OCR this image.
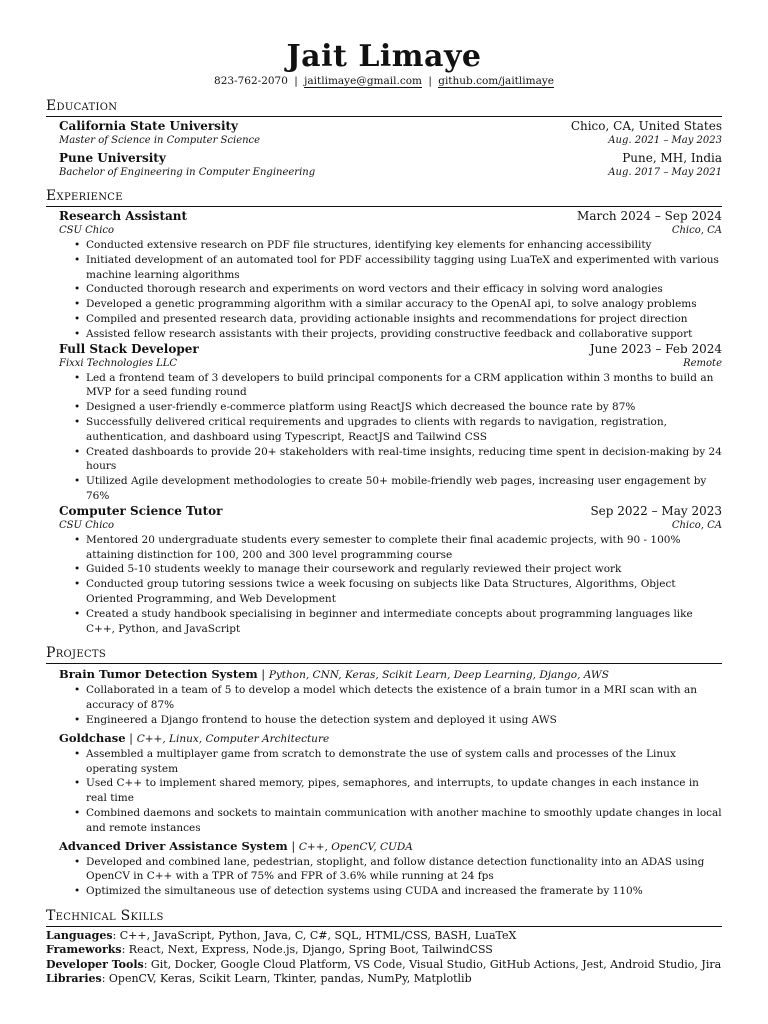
Jait Limaye
823-762-2070 | jaitlimaye@gmail.com | github.com/jaitlimaye
Education
California State University	Chico, CA, United States
Master of Science in Computer Science	Aug. 2021 – May 2023
Pune University	Pune, MH, India
Bachelor of Engineering in Computer Engineering	Aug. 2017 – May 2021
Experience
Research Assistant	March 2024 – Sep 2024
CSU Chico	Chico, CA
• Conducted extensive research on PDF file structures, identifying key elements for enhancing accessibility
• Initiated development of an automated tool for PDF accessibility tagging using LuaTeX and experimented with various machine learning algorithms
• Conducted thorough research and experiments on word vectors and their efficacy in solving word analogies
• Developed a genetic programming algorithm with a similar accuracy to the OpenAI api, to solve analogy problems
• Compiled and presented research data, providing actionable insights and recommendations for project direction
• Assisted fellow research assistants with their projects, providing constructive feedback and collaborative support
Full Stack Developer	June 2023 – Feb 2024
Fixxi Technologies LLC	Remote
• Led a frontend team of 3 developers to build principal components for a CRM application within 3 months to build an MVP for a seed funding round
• Designed a user-friendly e-commerce platform using ReactJS which decreased the bounce rate by 87%
• Successfully delivered critical requirements and upgrades to clients with regards to navigation, registration, authentication, and dashboard using Typescript, ReactJS and Tailwind CSS
• Created dashboards to provide 20+ stakeholders with real-time insights, reducing time spent in decision-making by 24 hours
• Utilized Agile development methodologies to create 50+ mobile-friendly web pages, increasing user engagement by 76%
Computer Science Tutor	Sep 2022 – May 2023
CSU Chico	Chico, CA
• Mentored 20 undergraduate students every semester to complete their final academic projects, with 90 - 100% attaining distinction for 100, 200 and 300 level programming course
• Guided 5-10 students weekly to manage their coursework and regularly reviewed their project work
• Conducted group tutoring sessions twice a week focusing on subjects like Data Structures, Algorithms, Object Oriented Programming, and Web Development
• Created a study handbook specialising in beginner and intermediate concepts about programming languages like C++, Python, and JavaScript
Projects
Brain Tumor Detection System | Python, CNN, Keras, Scikit Learn, Deep Learning, Django, AWS
• Collaborated in a team of 5 to develop a model which detects the existence of a brain tumor in a MRI scan with an accuracy of 87%
• Engineered a Django frontend to house the detection system and deployed it using AWS
Goldchase | C++, Linux, Computer Architecture
• Assembled a multiplayer game from scratch to demonstrate the use of system calls and processes of the Linux operating system
• Used C++ to implement shared memory, pipes, semaphores, and interrupts, to update changes in each instance in real time
• Combined daemons and sockets to maintain communication with another machine to smoothly update changes in local and remote instances
Advanced Driver Assistance System | C++, OpenCV, CUDA
• Developed and combined lane, pedestrian, stoplight, and follow distance detection functionality into an ADAS using OpenCV in C++ with a TPR of 75% and FPR of 3.6% while running at 24 fps
• Optimized the simultaneous use of detection systems using CUDA and increased the framerate by 110%
Technical Skills
Languages: C++, JavaScript, Python, Java, C, C#, SQL, HTML/CSS, BASH, LuaTeX
Frameworks: React, Next, Express, Node.js, Django, Spring Boot, TailwindCSS
Developer Tools: Git, Docker, Google Cloud Platform, VS Code, Visual Studio, GitHub Actions, Jest, Android Studio, Jira
Libraries: OpenCV, Keras, Scikit Learn, Tkinter, pandas, NumPy, Matplotlib
